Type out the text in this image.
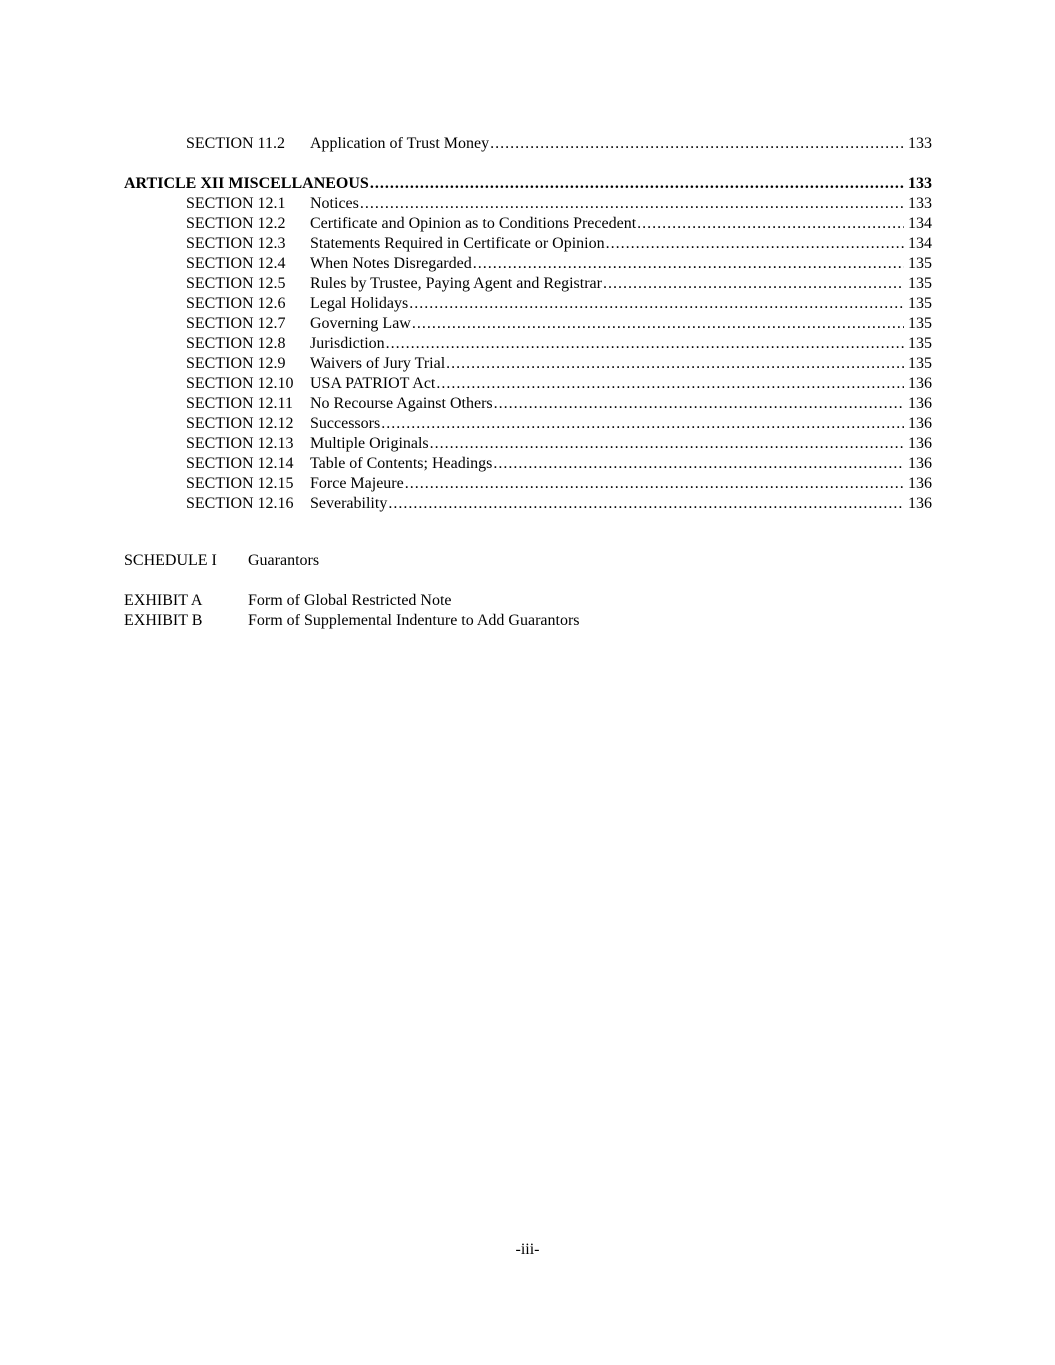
SECTION 11.2	Application of Trust Money .....	133
ARTICLE XII MISCELLANEOUS .....	133
SECTION 12.1	Notices .....	133
SECTION 12.2	Certificate and Opinion as to Conditions Precedent .....	134
SECTION 12.3	Statements Required in Certificate or Opinion .....	134
SECTION 12.4	When Notes Disregarded .....	135
SECTION 12.5	Rules by Trustee, Paying Agent and Registrar .....	135
SECTION 12.6	Legal Holidays .....	135
SECTION 12.7	Governing Law .....	135
SECTION 12.8	Jurisdiction .....	135
SECTION 12.9	Waivers of Jury Trial .....	135
SECTION 12.10	USA PATRIOT Act .....	136
SECTION 12.11	No Recourse Against Others .....	136
SECTION 12.12	Successors .....	136
SECTION 12.13	Multiple Originals .....	136
SECTION 12.14	Table of Contents; Headings .....	136
SECTION 12.15	Force Majeure .....	136
SECTION 12.16	Severability .....	136
SCHEDULE I	Guarantors
EXHIBIT A	Form of Global Restricted Note
EXHIBIT B	Form of Supplemental Indenture to Add Guarantors
-iii-
